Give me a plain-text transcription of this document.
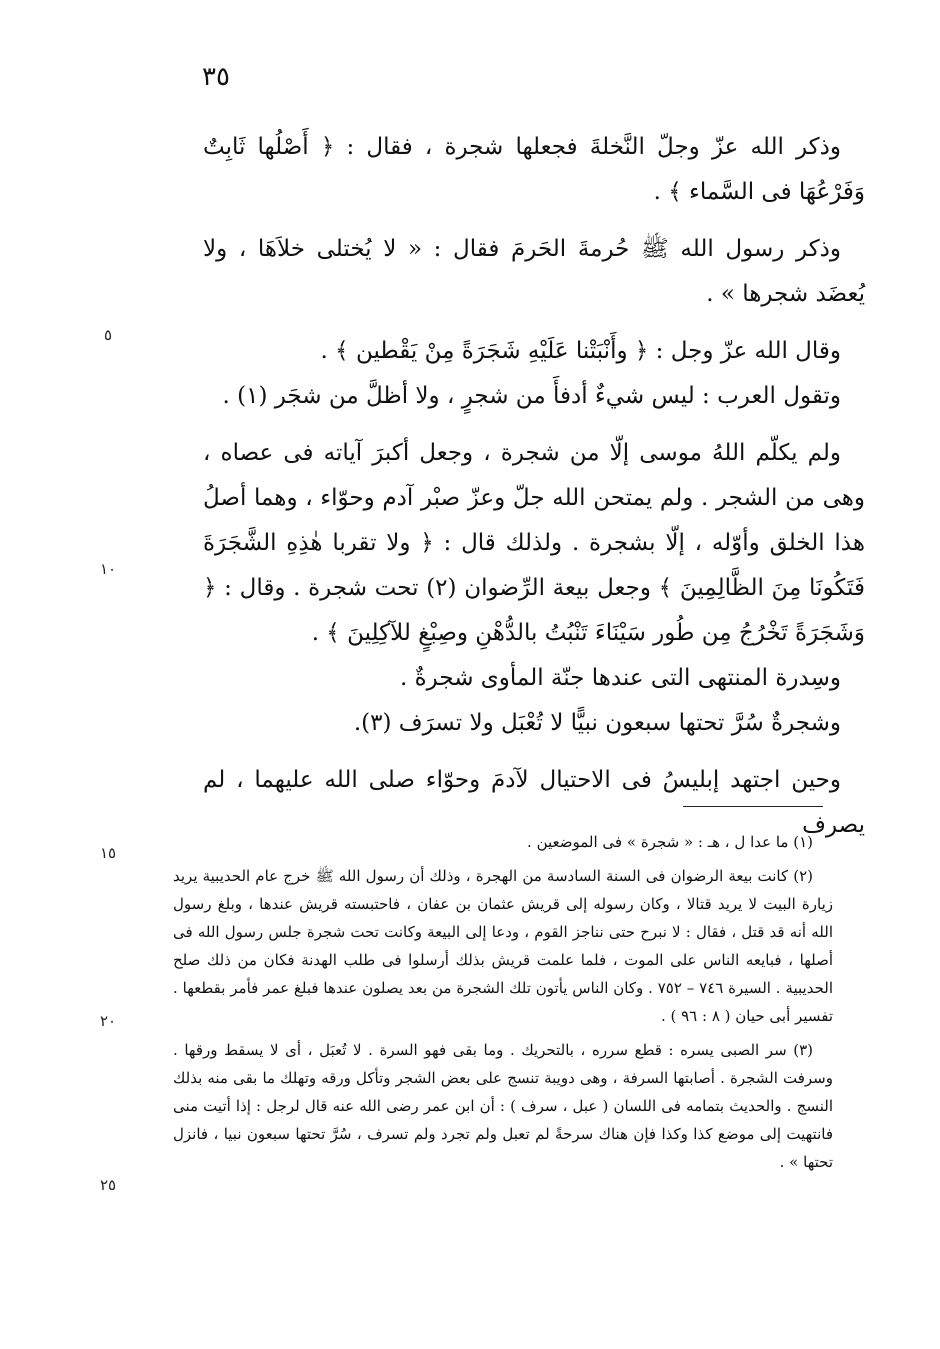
٣٥

وذكر الله عزّ وجلّ النَّخلةَ فجعلها شجرة ، فقال : ﴿ أَصْلُها ثَابِتٌ وَفَرْعُهَا فى السَّماء ﴾ .

وذكر رسول الله ﷺ حُرمةَ الحَرمَ فقال : « لا يُختلى خلاَهَا ، ولا يُعضَد شجرها » .

وقال الله عزّ وجل : ﴿ وأَنْبَتْنا عَلَيْهِ شَجَرَةً مِنْ يَقْطين ﴾ .

وتقول العرب : ليس شيءٌ أدفأَ من شجرٍ ، ولا أظلَّ من شجَر (١) .

ولم يكلّم اللهُ موسى إلّا من شجرة ، وجعل أكبرَ آياته فى عصاه ، وهى من الشجر . ولم يمتحن الله جلّ وعزّ صبْر آدم وحوّاء ، وهما أصلُ هذا الخلق وأوّله ، إلّا بشجرة . ولذلك قال : ﴿ ولا تقربا هٰذِهِ الشَّجَرَةَ فَتَكُونَا مِنَ الظَّالِمِينَ ﴾ وجعل بيعة الرِّضوان (٢) تحت شجرة . وقال : ﴿ وَشَجَرَةً تَخْرُجُ مِن طُور سَيْنَاءَ تَنْبُتُ بالدُّهْنِ وصِبْغٍ للآكِلِينَ ﴾ .

وسِدرة المنتهى التى عندها جنّة المأوى شجرةٌ .

وشجرةٌ سُرَّ تحتها سبعون نبيًّا لا تُعْبَل ولا تسرَف (٣).

وحين اجتهد إبليسُ فى الاحتيال لآدمَ وحوّاء صلى الله عليهما ، لم يصرف

(١) ما عدا ل ، هـ : « شجرة » فى الموضعين .

(٢) كانت بيعة الرضوان فى السنة السادسة من الهجرة ، وذلك أن رسول الله ﷺ خرج عام الحديبية يريد زيارة البيت لا يريد قتالا ، وكان رسوله إلى قريش عثمان بن عفان ، فاحتبسته قريش عندها ، وبلغ رسول الله أنه قد قتل ، فقال : لا نبرح حتى نناجز القوم ، ودعا إلى البيعة وكانت تحت شجرة جلس رسول الله فى أصلها ، فبايعه الناس على الموت ، فلما علمت قريش بذلك أرسلوا فى طلب الهدنة فكان من ذلك صلح الحديبية . السيرة ٧٤٦ – ٧٥٢ . وكان الناس يأتون تلك الشجرة من بعد يصلون عندها فبلغ عمر فأمر بقطعها . تفسير أبى حيان ( ٨ : ٩٦ ) .

(٣) سر الصبى يسره : قطع سرره ، بالتحريك . وما بقى فهو السرة . لا تُعبَل ، أى لا يسقط ورقها . وسرفت الشجرة . أصابتها السرفة ، وهى دويبة تنسج على بعض الشجر وتأكل ورقه وتهلك ما بقى منه بذلك النسج . والحديث بتمامه فى اللسان ( عبل ، سرف ) : أن ابن عمر رضى الله عنه قال لرجل : إذا أتيت منى فانتهيت إلى موضع كذا وكذا فإن هناك سرحةً لم تعبل ولم تجرد ولم تسرف ، سُرَّ تحتها سبعون نبيا ، فانزل تحتها » .

٥
١٠
١٥
٢٠
٢٥
